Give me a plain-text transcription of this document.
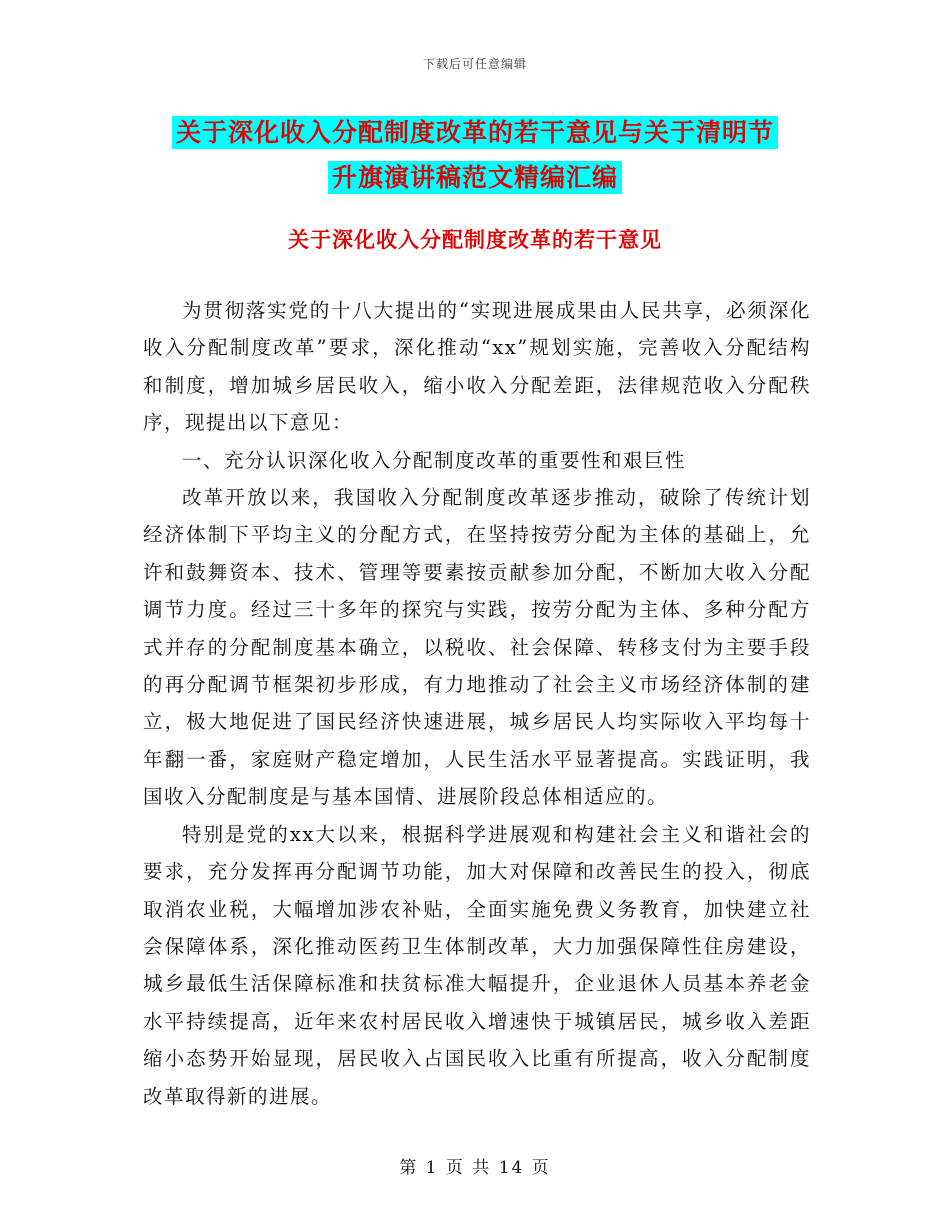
下载后可任意编辑
关于深化收入分配制度改革的若干意见与关于清明节
升旗演讲稿范文精编汇编
关于深化收入分配制度改革的若干意见

为贯彻落实党的十八大提出的“实现进展成果由人民共享，必须深化收入分配制度改革”要求，深化推动“xx”规划实施，完善收入分配结构和制度，增加城乡居民收入，缩小收入分配差距，法律规范收入分配秩序，现提出以下意见：

一、充分认识深化收入分配制度改革的重要性和艰巨性

改革开放以来，我国收入分配制度改革逐步推动，破除了传统计划经济体制下平均主义的分配方式，在坚持按劳分配为主体的基础上，允许和鼓舞资本、技术、管理等要素按贡献参加分配，不断加大收入分配调节力度。经过三十多年的探究与实践，按劳分配为主体、多种分配方式并存的分配制度基本确立，以税收、社会保障、转移支付为主要手段的再分配调节框架初步形成，有力地推动了社会主义市场经济体制的建立，极大地促进了国民经济快速进展，城乡居民人均实际收入平均每十年翻一番，家庭财产稳定增加，人民生活水平显著提高。实践证明，我国收入分配制度是与基本国情、进展阶段总体相适应的。

特别是党的xx大以来，根据科学进展观和构建社会主义和谐社会的要求，充分发挥再分配调节功能，加大对保障和改善民生的投入，彻底取消农业税，大幅增加涉农补贴，全面实施免费义务教育，加快建立社会保障体系，深化推动医药卫生体制改革，大力加强保障性住房建设，城乡最低生活保障标准和扶贫标准大幅提升，企业退休人员基本养老金水平持续提高，近年来农村居民收入增速快于城镇居民，城乡收入差距缩小态势开始显现，居民收入占国民收入比重有所提高，收入分配制度改革取得新的进展。

第 1 页 共 14 页
